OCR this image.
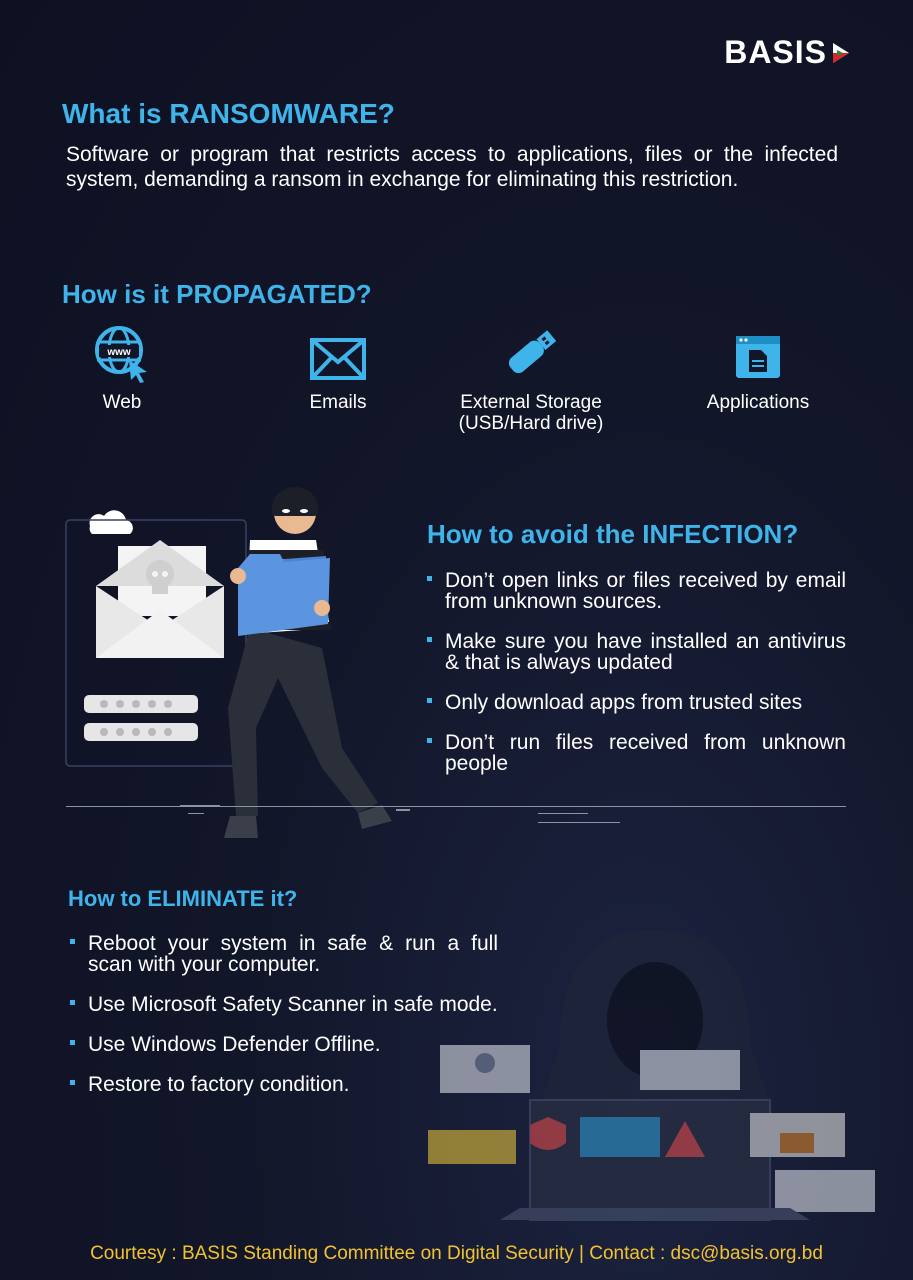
BASIS
What is RANSOMWARE?
Software or program that restricts access to applications, files or the infected system, demanding a ransom in exchange for eliminating this restriction.
How is it PROPAGATED?
www
Web	Emails	External Storage
(USB/Hard drive)
Applications
How to avoid the INFECTION?
Don’t open links or files received by email from unknown sources.
Make sure you have installed an antivirus & that is always updated
Only download apps from trusted sites
Don’t run files received from unknown people
How to ELIMINATE it?
Reboot your system in safe & run a full scan with your computer.
Use Microsoft Safety Scanner in safe mode.
Use Windows Defender Offline.
Restore to factory condition.
Courtesy : BASIS Standing Committee on Digital Security | Contact : dsc@basis.org.bd
